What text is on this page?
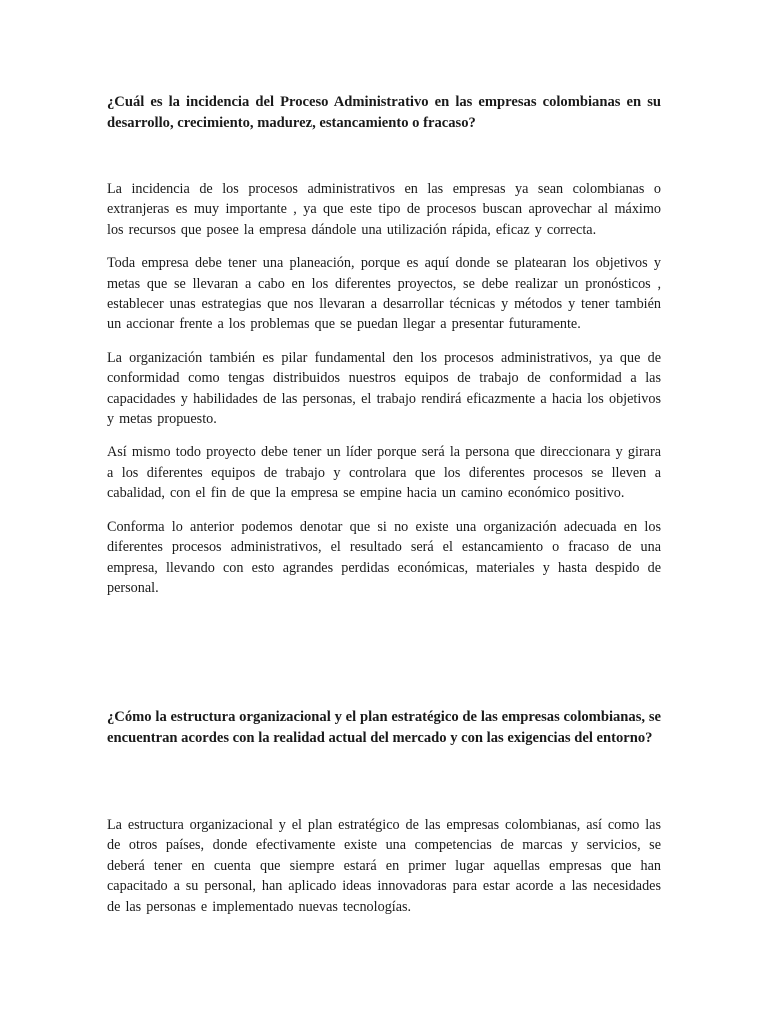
¿Cuál es la incidencia del Proceso Administrativo en las empresas colombianas en su desarrollo, crecimiento, madurez, estancamiento o fracaso?

La incidencia de los procesos administrativos en las empresas ya sean colombianas o extranjeras es muy importante , ya que este tipo de procesos buscan aprovechar al máximo los recursos que posee la empresa dándole una utilización rápida, eficaz y correcta.

Toda empresa debe tener una planeación, porque es aquí donde se platearan los objetivos y metas que se llevaran a cabo en los diferentes proyectos, se debe realizar un pronósticos , establecer unas estrategias que nos llevaran a desarrollar técnicas y métodos y tener también un accionar frente a los problemas que se puedan llegar a presentar futuramente.

La organización también es pilar fundamental den los procesos administrativos, ya que de conformidad como tengas distribuidos nuestros equipos de trabajo de conformidad a las capacidades y habilidades de las personas, el trabajo rendirá eficazmente a hacia los objetivos y metas propuesto.

Así mismo todo proyecto debe tener un líder porque será la persona que direccionara y girara a los diferentes equipos de trabajo y controlara que los diferentes procesos se lleven a cabalidad, con el fin de que la empresa se empine hacia un camino económico positivo.

Conforma lo anterior podemos denotar que si no existe una organización adecuada en los diferentes procesos administrativos, el resultado será el estancamiento o fracaso de una empresa, llevando con esto agrandes perdidas económicas, materiales y hasta despido de personal.

¿Cómo la estructura organizacional y el plan estratégico de las empresas colombianas, se encuentran acordes con la realidad actual del mercado y con las exigencias del entorno?

La estructura organizacional y el plan estratégico de las empresas colombianas, así como las de otros países, donde efectivamente existe una competencias de marcas y servicios, se deberá tener en cuenta que siempre estará en primer lugar aquellas empresas que han capacitado a su personal, han aplicado ideas innovadoras para estar acorde a las necesidades de las personas e implementado nuevas tecnologías.
